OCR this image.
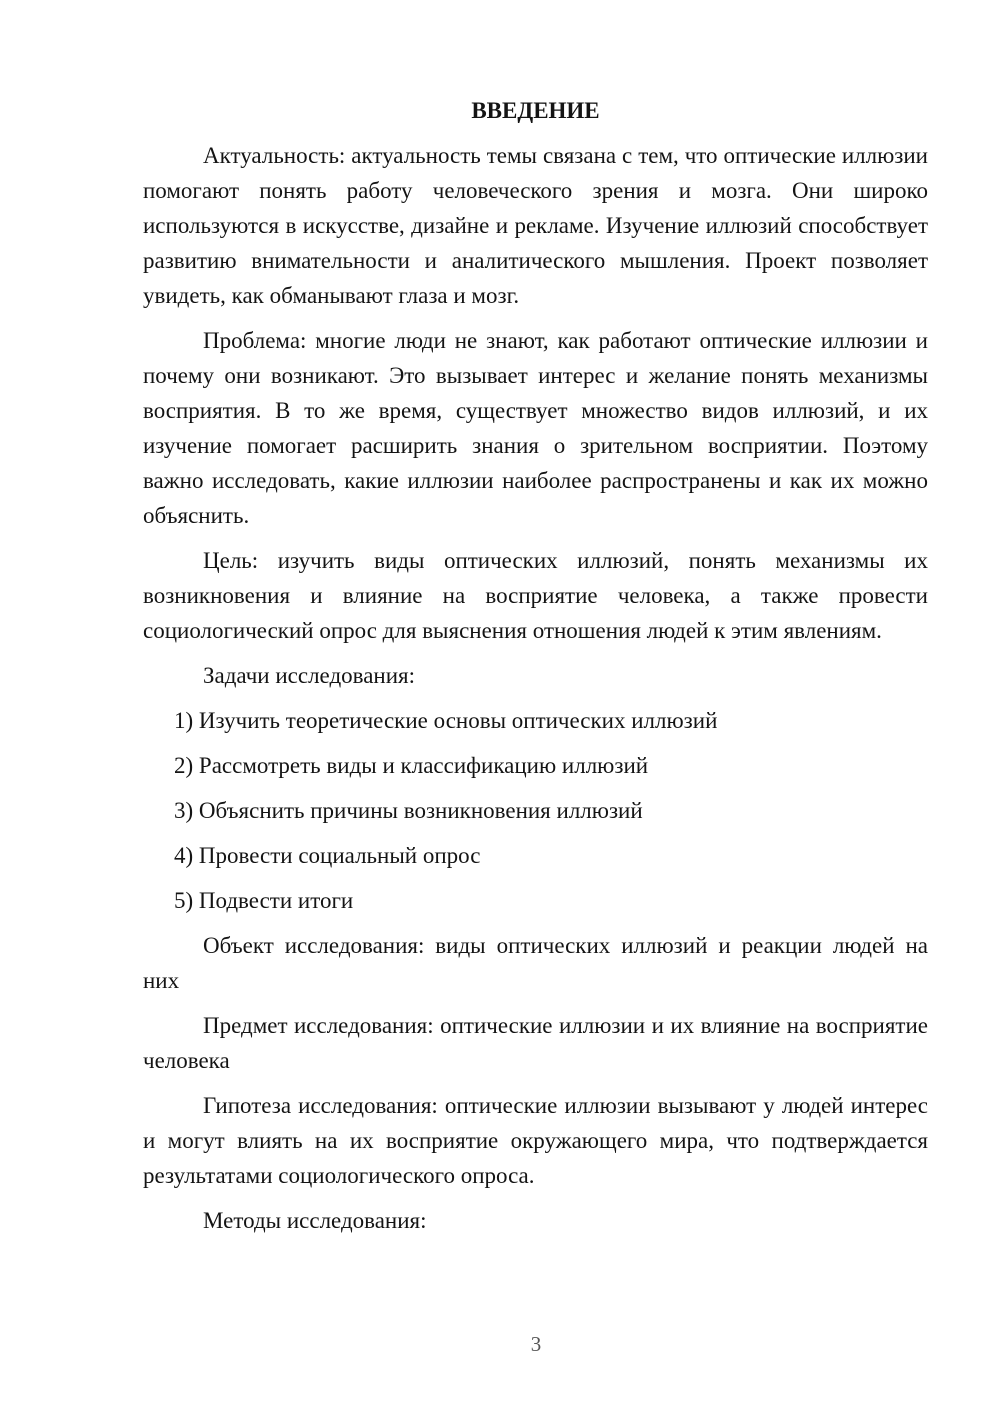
ВВЕДЕНИЕ

Актуальность: актуальность темы связана с тем, что оптические иллюзии помогают понять работу человеческого зрения и мозга. Они широко используются в искусстве, дизайне и рекламе. Изучение иллюзий способствует развитию внимательности и аналитического мышления. Проект позволяет увидеть, как обманывают глаза и мозг.

Проблема: многие люди не знают, как работают оптические иллюзии и почему они возникают. Это вызывает интерес и желание понять механизмы восприятия. В то же время, существует множество видов иллюзий, и их изучение помогает расширить знания о зрительном восприятии. Поэтому важно исследовать, какие иллюзии наиболее распространены и как их можно объяснить.

Цель: изучить виды оптических иллюзий, понять механизмы их возникновения и влияние на восприятие человека, а также провести социологический опрос для выяснения отношения людей к этим явлениям.

Задачи исследования:

1) Изучить теоретические основы оптических иллюзий
2) Рассмотреть виды и классификацию иллюзий
3) Объяснить причины возникновения иллюзий
4) Провести социальный опрос
5) Подвести итоги

Объект исследования: виды оптических иллюзий и реакции людей на них

Предмет исследования: оптические иллюзии и их влияние на восприятие человека

Гипотеза исследования: оптические иллюзии вызывают у людей интерес и могут влиять на их восприятие окружающего мира, что подтверждается результатами социологического опроса.

Методы исследования:

3
